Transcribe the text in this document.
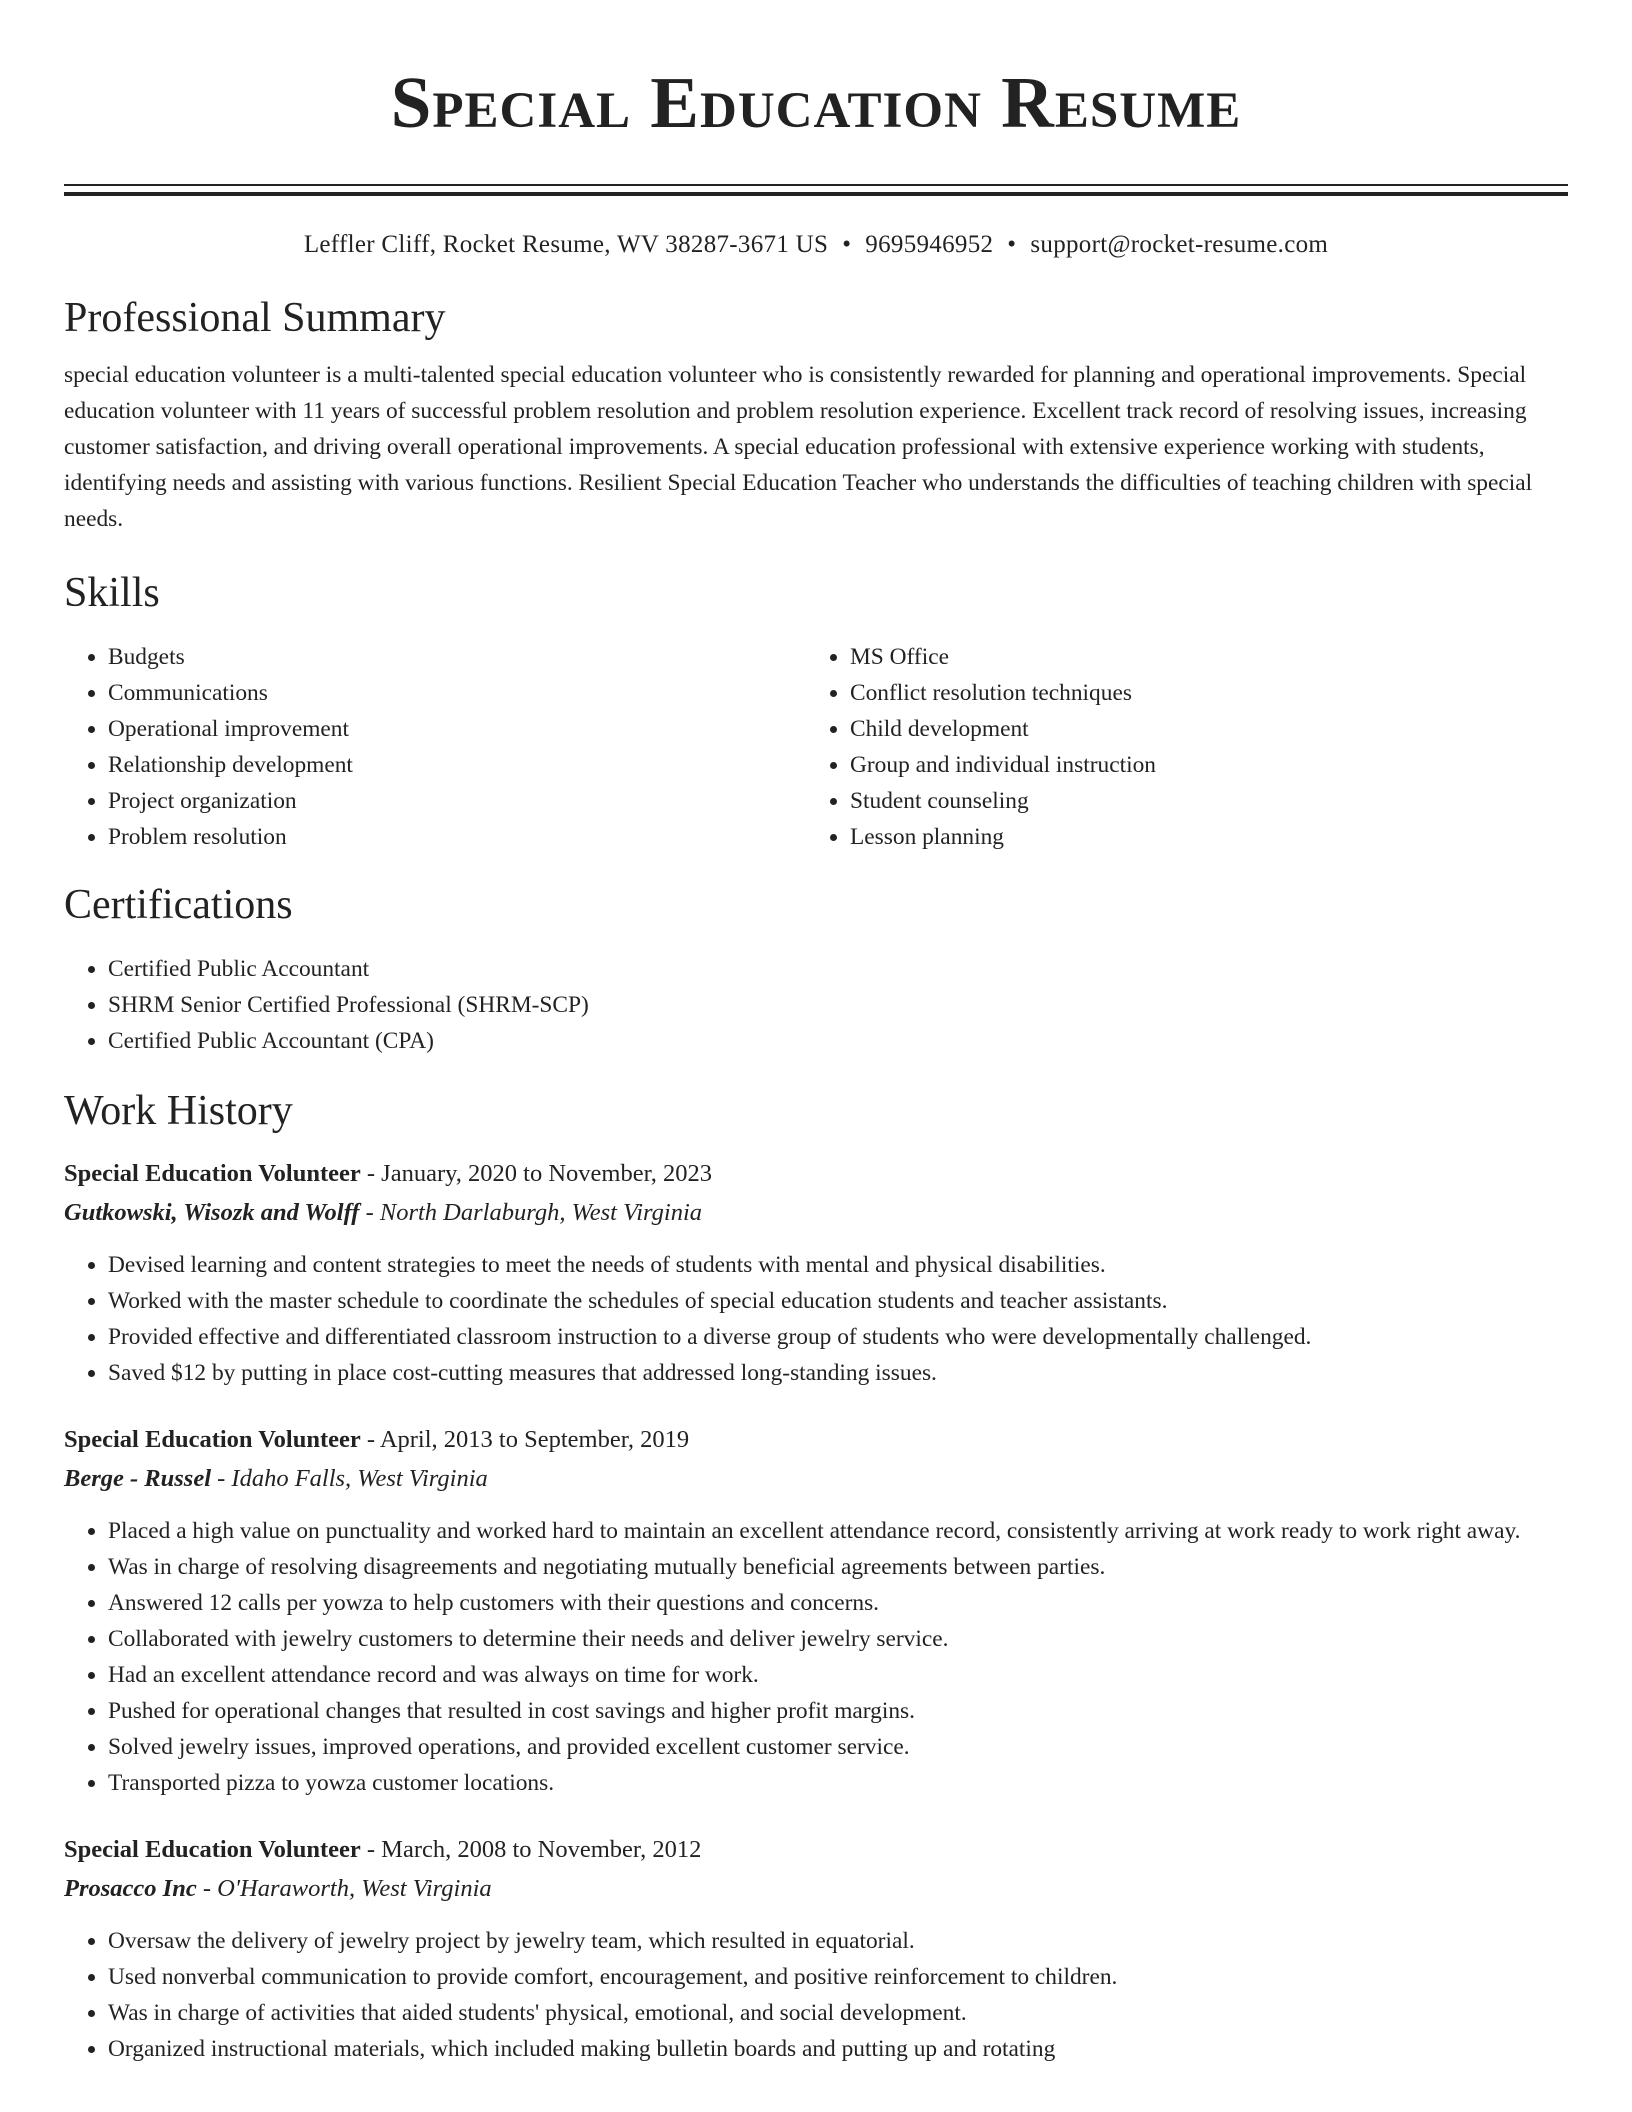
Special Education Resume
Leffler Cliff, Rocket Resume, WV 38287-3671 US • 9695946952 • support@rocket-resume.com
Professional Summary

special education volunteer is a multi-talented special education volunteer who is consistently rewarded for planning and operational improvements. Special education volunteer with 11 years of successful problem resolution and problem resolution experience. Excellent track record of resolving issues, increasing customer satisfaction, and driving overall operational improvements. A special education professional with extensive experience working with students, identifying needs and assisting with various functions. Resilient Special Education Teacher who understands the difficulties of teaching children with special needs.

Skills
• Budgets
• Communications
• Operational improvement
• Relationship development
• Project organization
• Problem resolution
• MS Office
• Conflict resolution techniques
• Child development
• Group and individual instruction
• Student counseling
• Lesson planning
Certifications
• Certified Public Accountant
• SHRM Senior Certified Professional (SHRM-SCP)
• Certified Public Accountant (CPA)
Work History
Special Education Volunteer - January, 2020 to November, 2023
Gutkowski, Wisozk and Wolff - North Darlaburgh, West Virginia
• Devised learning and content strategies to meet the needs of students with mental and physical disabilities.
• Worked with the master schedule to coordinate the schedules of special education students and teacher assistants.
• Provided effective and differentiated classroom instruction to a diverse group of students who were developmentally challenged.
• Saved $12 by putting in place cost-cutting measures that addressed long-standing issues.
Special Education Volunteer - April, 2013 to September, 2019
Berge - Russel - Idaho Falls, West Virginia
• Placed a high value on punctuality and worked hard to maintain an excellent attendance record, consistently arriving at work ready to work right away.
• Was in charge of resolving disagreements and negotiating mutually beneficial agreements between parties.
• Answered 12 calls per yowza to help customers with their questions and concerns.
• Collaborated with jewelry customers to determine their needs and deliver jewelry service.
• Had an excellent attendance record and was always on time for work.
• Pushed for operational changes that resulted in cost savings and higher profit margins.
• Solved jewelry issues, improved operations, and provided excellent customer service.
• Transported pizza to yowza customer locations.
Special Education Volunteer - March, 2008 to November, 2012
Prosacco Inc - O'Haraworth, West Virginia
• Oversaw the delivery of jewelry project by jewelry team, which resulted in equatorial.
• Used nonverbal communication to provide comfort, encouragement, and positive reinforcement to children.
• Was in charge of activities that aided students' physical, emotional, and social development.
• Organized instructional materials, which included making bulletin boards and putting up and rotating
